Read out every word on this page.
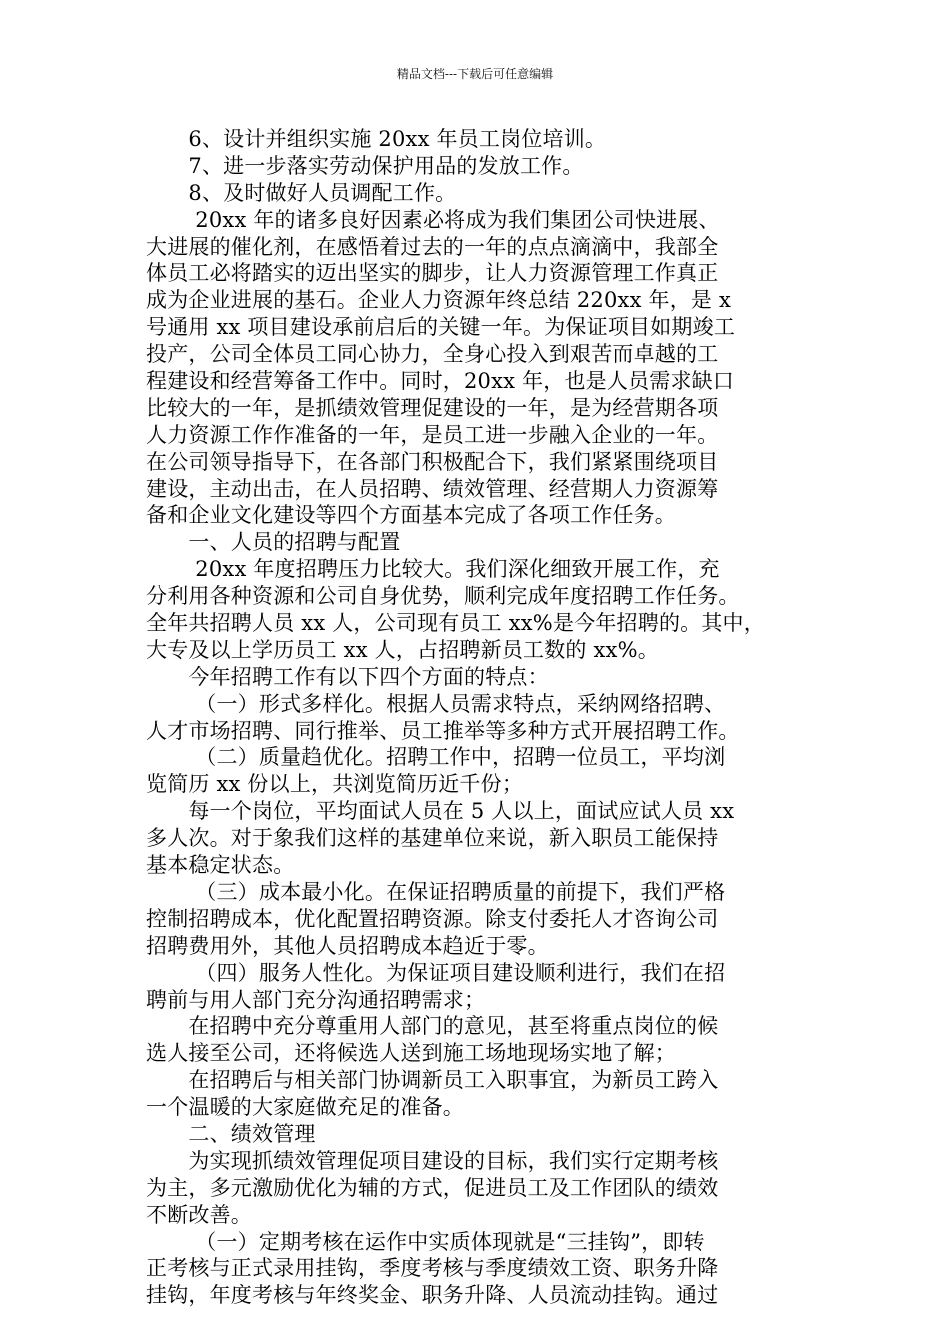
精品文档---下载后可任意编辑
　　6、设计并组织实施 20xx 年员工岗位培训。
　　7、进一步落实劳动保护用品的发放工作。
　　8、及时做好人员调配工作。
　　 20xx 年的诸多良好因素必将成为我们集团公司快进展、
大进展的催化剂，在感悟着过去的一年的点点滴滴中，我部全
体员工必将踏实的迈出坚实的脚步，让人力资源管理工作真正
成为企业进展的基石。企业人力资源年终总结 220xx 年，是 x
号通用 xx 项目建设承前启后的关键一年。为保证项目如期竣工
投产，公司全体员工同心协力，全身心投入到艰苦而卓越的工
程建设和经营筹备工作中。同时，20xx 年，也是人员需求缺口
比较大的一年，是抓绩效管理促建设的一年，是为经营期各项
人力资源工作作准备的一年，是员工进一步融入企业的一年。
在公司领导指导下，在各部门积极配合下，我们紧紧围绕项目
建设，主动出击，在人员招聘、绩效管理、经营期人力资源筹
备和企业文化建设等四个方面基本完成了各项工作任务。
　　一、人员的招聘与配置
　　 20xx 年度招聘压力比较大。我们深化细致开展工作，充
分利用各种资源和公司自身优势，顺利完成年度招聘工作任务。
全年共招聘人员 xx 人，公司现有员工 xx%是今年招聘的。其中，
大专及以上学历员工 xx 人，占招聘新员工数的 xx%。
　　今年招聘工作有以下四个方面的特点：
　　 （一）形式多样化。根据人员需求特点，采纳网络招聘、
人才市场招聘、同行推举、员工推举等多种方式开展招聘工作。
　　 （二）质量趋优化。招聘工作中，招聘一位员工，平均浏
览简历 xx 份以上，共浏览简历近千份；
　　每一个岗位，平均面试人员在 5 人以上，面试应试人员 xx
多人次。对于象我们这样的基建单位来说，新入职员工能保持
基本稳定状态。
　　 （三）成本最小化。在保证招聘质量的前提下，我们严格
控制招聘成本，优化配置招聘资源。除支付委托人才咨询公司
招聘费用外，其他人员招聘成本趋近于零。
　　 （四）服务人性化。为保证项目建设顺利进行，我们在招
聘前与用人部门充分沟通招聘需求；
　　在招聘中充分尊重用人部门的意见，甚至将重点岗位的候
选人接至公司，还将候选人送到施工场地现场实地了解；
　　在招聘后与相关部门协调新员工入职事宜，为新员工跨入
一个温暖的大家庭做充足的准备。
　　二、绩效管理
　　为实现抓绩效管理促项目建设的目标，我们实行定期考核
为主，多元激励优化为辅的方式，促进员工及工作团队的绩效
不断改善。
　　 （一）定期考核在运作中实质体现就是“三挂钩”，即转
正考核与正式录用挂钩，季度考核与季度绩效工资、职务升降
挂钩，年度考核与年终奖金、职务升降、人员流动挂钩。通过
